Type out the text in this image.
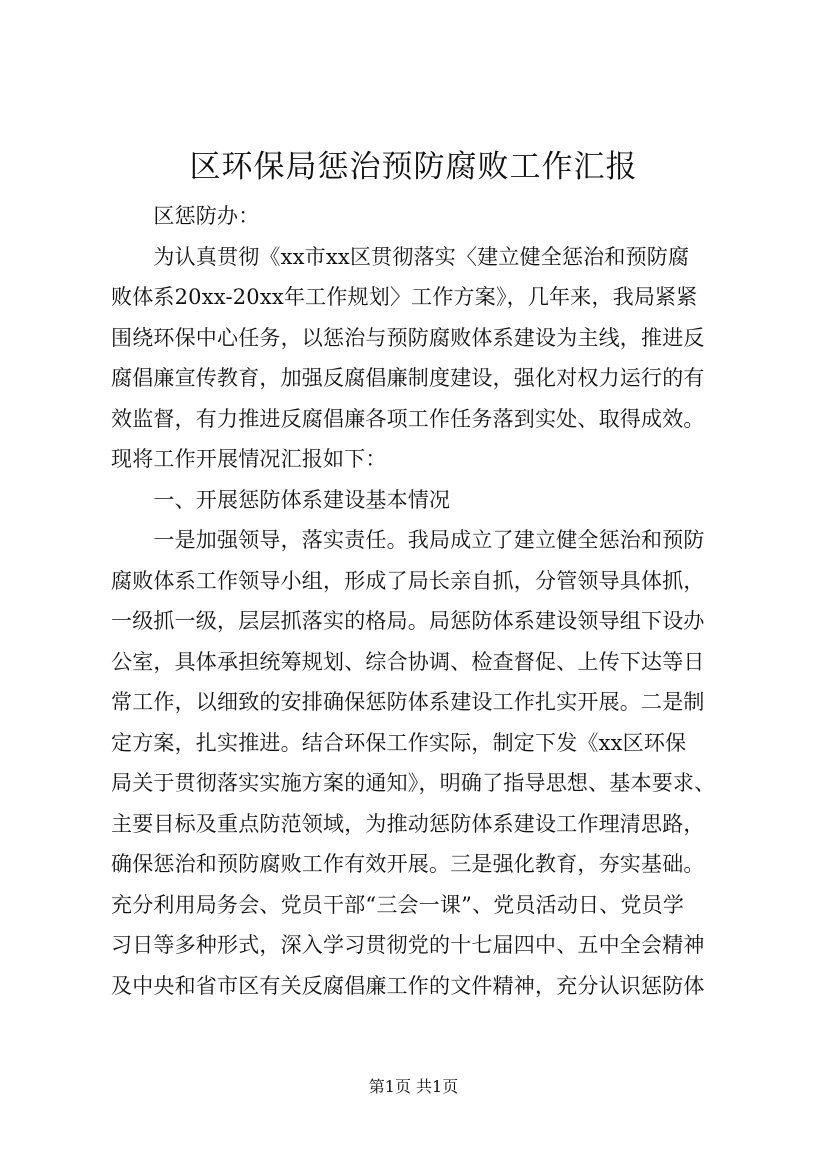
区环保局惩治预防腐败工作汇报
　　区惩防办：
　　为认真贯彻《xx市xx区贯彻落实〈建立健全惩治和预防腐
败体系20xx-20xx年工作规划〉工作方案》，几年来，我局紧紧
围绕环保中心任务，以惩治与预防腐败体系建设为主线，推进反
腐倡廉宣传教育，加强反腐倡廉制度建设，强化对权力运行的有
效监督，有力推进反腐倡廉各项工作任务落到实处、取得成效。
现将工作开展情况汇报如下：
　　一、开展惩防体系建设基本情况
　　一是加强领导，落实责任。我局成立了建立健全惩治和预防
腐败体系工作领导小组，形成了局长亲自抓，分管领导具体抓，
一级抓一级，层层抓落实的格局。局惩防体系建设领导组下设办
公室，具体承担统筹规划、综合协调、检查督促、上传下达等日
常工作，以细致的安排确保惩防体系建设工作扎实开展。二是制
定方案，扎实推进。结合环保工作实际，制定下发《xx区环保
局关于贯彻落实实施方案的通知》，明确了指导思想、基本要求、
主要目标及重点防范领域，为推动惩防体系建设工作理清思路，
确保惩治和预防腐败工作有效开展。三是强化教育，夯实基础。
充分利用局务会、党员干部“三会一课”、党员活动日、党员学
习日等多种形式，深入学习贯彻党的十七届四中、五中全会精神
及中央和省市区有关反腐倡廉工作的文件精神，充分认识惩防体
第1页 共1页
